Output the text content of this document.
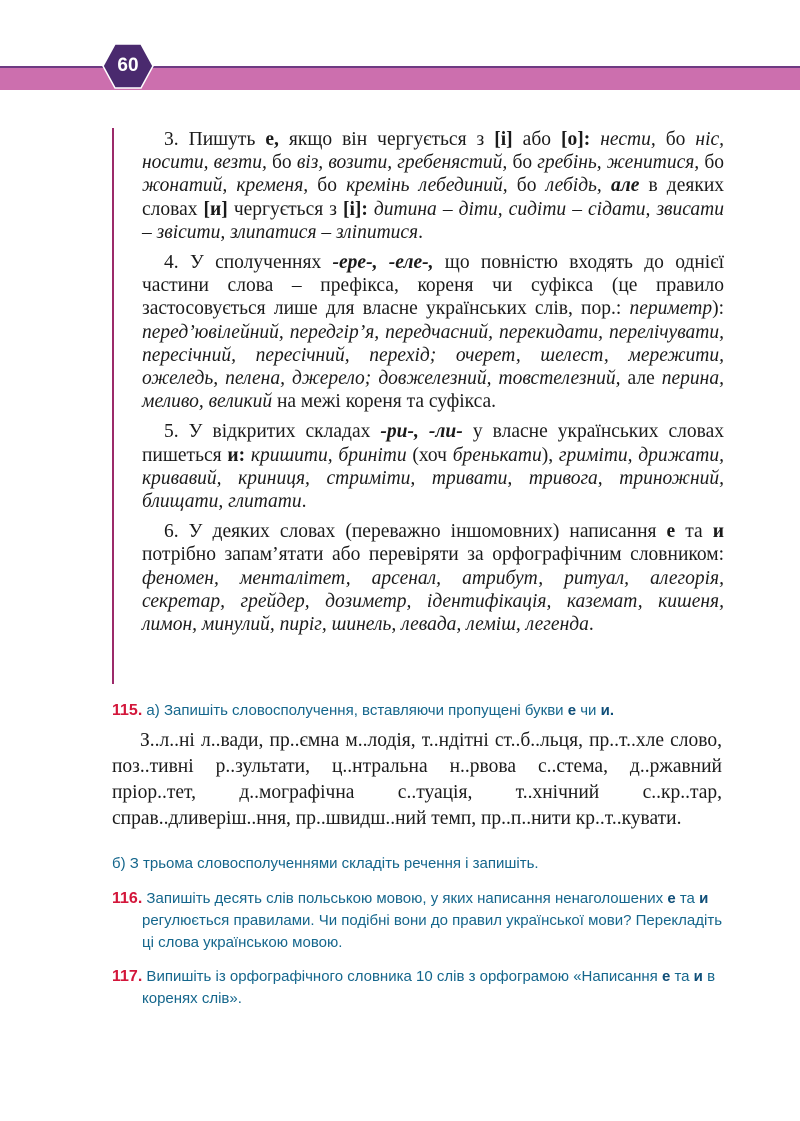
60

3. Пишуть е, якщо він чергується з [і] або [о]: нести, бо ніс, носити, везти, бо віз, возити, гребенястий, бо гребінь, женитися, бо жонатий, кременя, бо кремінь лебединий, бо лебідь, але в деяких словах [и] чергується з [і]: дитина – діти, сидіти – сідати, звисати – звісити, злипатися – зліпитися.

4. У сполученнях -ере-, -еле-, що повністю входять до однієї частини слова – префікса, кореня чи суфікса (це правило застосовується лише для власне українських слів, пор.: периметр): перед’ювілейний, передгір’я, передчасний, перекидати, перелічувати, пересічний, пересічний, перехід; очерет, шелест, мережити, ожеледь, пелена, джерело; довжелезний, товстелезний, але перина, меливо, великий на межі кореня та суфікса.

5. У відкритих складах -ри-, -ли- у власне українських словах пишеться и: кришити, бриніти (хоч бренькати), гриміти, дрижати, кривавий, криниця, стриміти, тривати, тривога, триножний, блищати, глитати.

6. У деяких словах (переважно іншомовних) написання е та и потрібно запам’ятати або перевіряти за орфографічним словником: феномен, менталітет, арсенал, атрибут, ритуал, алегорія, секретар, грейдер, дозиметр, ідентифікація, каземат, кишеня, лимон, минулий, пиріг, шинель, левада, леміш, легенда.

115. а) Запишіть словосполучення, вставляючи пропущені букви е чи и.

З..л..ні л..вади, пр..ємна м..лодія, т..ндітні ст..б..льця, пр..т..хле слово, поз..тивні р..зультати, ц..нтральна н..рвова с..стема, д..ржавний пріор..тет, д..мографічна с..туація, т..хнічний с..кр..тар, справ..дливеріш..ння, пр..швидш..ний темп, пр..п..нити кр..т..кувати.

б) З трьома словосполученнями складіть речення і запишіть.
116. Запишіть десять слів польською мовою, у яких написання ненаголошених е та и регулюється правилами. Чи подібні вони до правил української мови? Перекладіть ці слова українською мовою.
117. Випишіть із орфографічного словника 10 слів з орфограмою «Написання е та и в коренях слів».
